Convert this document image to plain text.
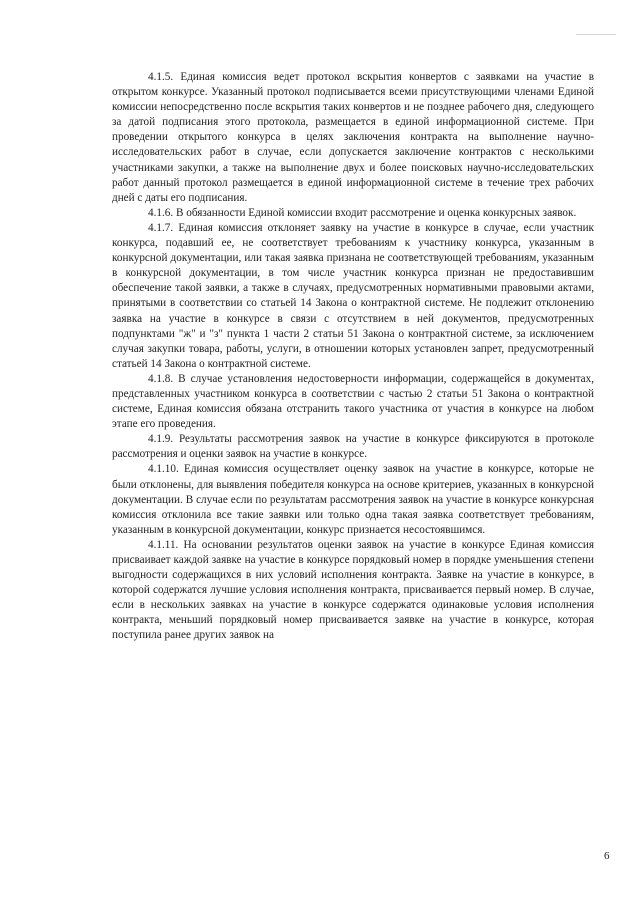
4.1.5. Единая комиссия ведет протокол вскрытия конвертов с заявками на участие в открытом конкурсе. Указанный протокол подписывается всеми присутствующими членами Единой комиссии непосредственно после вскрытия таких конвертов и не позднее рабочего дня, следующего за датой подписания этого протокола, размещается в единой информационной системе. При проведении открытого конкурса в целях заключения контракта на выполнение научно-исследовательских работ в случае, если допускается заключение контрактов с несколькими участниками закупки, а также на выполнение двух и более поисковых научно-исследовательских работ данный протокол размещается в единой информационной системе в течение трех рабочих дней с даты его подписания.

4.1.6. В обязанности Единой комиссии входит рассмотрение и оценка конкурсных заявок.

4.1.7. Единая комиссия отклоняет заявку на участие в конкурсе в случае, если участник конкурса, подавший ее, не соответствует требованиям к участнику конкурса, указанным в конкурсной документации, или такая заявка признана не соответствующей требованиям, указанным в конкурсной документации, в том числе участник конкурса признан не предоставившим обеспечение такой заявки, а также в случаях, предусмотренных нормативными правовыми актами, принятыми в соответствии со статьей 14 Закона о контрактной системе. Не подлежит отклонению заявка на участие в конкурсе в связи с отсутствием в ней документов, предусмотренных подпунктами "ж" и "з" пункта 1 части 2 статьи 51 Закона о контрактной системе, за исключением случая закупки товара, работы, услуги, в отношении которых установлен запрет, предусмотренный статьей 14 Закона о контрактной системе.

4.1.8. В случае установления недостоверности информации, содержащейся в документах, представленных участником конкурса в соответствии с частью 2 статьи 51 Закона о контрактной системе, Единая комиссия обязана отстранить такого участника от участия в конкурсе на любом этапе его проведения.

4.1.9. Результаты рассмотрения заявок на участие в конкурсе фиксируются в протоколе рассмотрения и оценки заявок на участие в конкурсе.

4.1.10. Единая комиссия осуществляет оценку заявок на участие в конкурсе, которые не были отклонены, для выявления победителя конкурса на основе критериев, указанных в конкурсной документации. В случае если по результатам рассмотрения заявок на участие в конкурсе конкурсная комиссия отклонила все такие заявки или только одна такая заявка соответствует требованиям, указанным в конкурсной документации, конкурс признается несостоявшимся.

4.1.11. На основании результатов оценки заявок на участие в конкурсе Единая комиссия присваивает каждой заявке на участие в конкурсе порядковый номер в порядке уменьшения степени выгодности содержащихся в них условий исполнения контракта. Заявке на участие в конкурсе, в которой содержатся лучшие условия исполнения контракта, присваивается первый номер. В случае, если в нескольких заявках на участие в конкурсе содержатся одинаковые условия исполнения контракта, меньший порядковый номер присваивается заявке на участие в конкурсе, которая поступила ранее других заявок на

6
